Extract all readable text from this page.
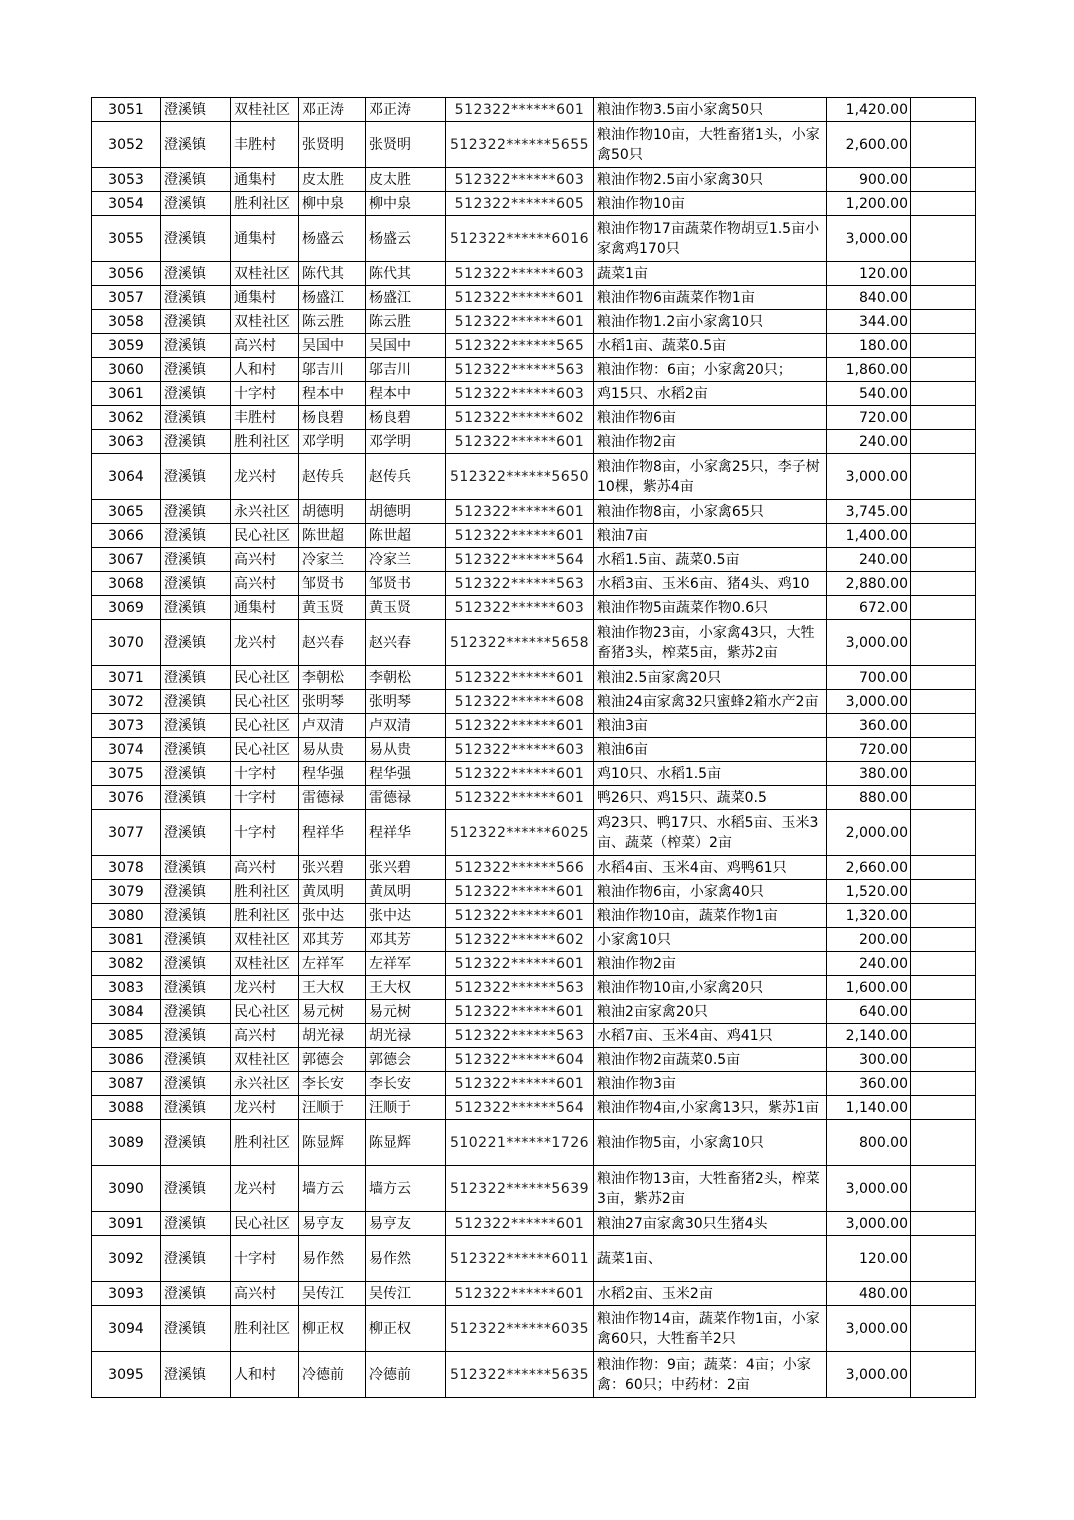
3051	澄溪镇	双桂社区	邓正涛	邓正涛	512322******601	粮油作物3.5亩小家禽50只	1,420.00	
3052	澄溪镇	丰胜村	张贤明	张贤明	512322******5655	粮油作物10亩，大牲畜猪1头，小家禽50只	2,600.00	
3053	澄溪镇	通集村	皮太胜	皮太胜	512322******603	粮油作物2.5亩小家禽30只	900.00	
3054	澄溪镇	胜利社区	柳中泉	柳中泉	512322******605	粮油作物10亩	1,200.00	
3055	澄溪镇	通集村	杨盛云	杨盛云	512322******6016	粮油作物17亩蔬菜作物胡豆1.5亩小家禽鸡170只	3,000.00	
3056	澄溪镇	双桂社区	陈代其	陈代其	512322******603	蔬菜1亩	120.00	
3057	澄溪镇	通集村	杨盛江	杨盛江	512322******601	粮油作物6亩蔬菜作物1亩	840.00	
3058	澄溪镇	双桂社区	陈云胜	陈云胜	512322******601	粮油作物1.2亩小家禽10只	344.00	
3059	澄溪镇	高兴村	吴国中	吴国中	512322******565	水稻1亩、蔬菜0.5亩	180.00	
3060	澄溪镇	人和村	邬吉川	邬吉川	512322******563	粮油作物：6亩；小家禽20只；	1,860.00	
3061	澄溪镇	十字村	程本中	程本中	512322******603	鸡15只、水稻2亩	540.00	
3062	澄溪镇	丰胜村	杨良碧	杨良碧	512322******602	粮油作物6亩	720.00	
3063	澄溪镇	胜利社区	邓学明	邓学明	512322******601	粮油作物2亩	240.00	
3064	澄溪镇	龙兴村	赵传兵	赵传兵	512322******5650	粮油作物8亩，小家禽25只，李子树10棵，紫苏4亩	3,000.00	
3065	澄溪镇	永兴社区	胡德明	胡德明	512322******601	粮油作物8亩，小家禽65只	3,745.00	
3066	澄溪镇	民心社区	陈世超	陈世超	512322******601	粮油7亩	1,400.00	
3067	澄溪镇	高兴村	冷家兰	冷家兰	512322******564	水稻1.5亩、蔬菜0.5亩	240.00	
3068	澄溪镇	高兴村	邹贤书	邹贤书	512322******563	水稻3亩、玉米6亩、猪4头、鸡10	2,880.00	
3069	澄溪镇	通集村	黄玉贤	黄玉贤	512322******603	粮油作物5亩蔬菜作物0.6只	672.00	
3070	澄溪镇	龙兴村	赵兴春	赵兴春	512322******5658	粮油作物23亩，小家禽43只，大牲畜猪3头，榨菜5亩，紫苏2亩	3,000.00	
3071	澄溪镇	民心社区	李朝松	李朝松	512322******601	粮油2.5亩家禽20只	700.00	
3072	澄溪镇	民心社区	张明琴	张明琴	512322******608	粮油24亩家禽32只蜜蜂2箱水产2亩	3,000.00	
3073	澄溪镇	民心社区	卢双清	卢双清	512322******601	粮油3亩	360.00	
3074	澄溪镇	民心社区	易从贵	易从贵	512322******603	粮油6亩	720.00	
3075	澄溪镇	十字村	程华强	程华强	512322******601	鸡10只、水稻1.5亩	380.00	
3076	澄溪镇	十字村	雷德禄	雷德禄	512322******601	鸭26只、鸡15只、蔬菜0.5	880.00	
3077	澄溪镇	十字村	程祥华	程祥华	512322******6025	鸡23只、鸭17只、水稻5亩、玉米3亩、蔬菜（榨菜）2亩	2,000.00	
3078	澄溪镇	高兴村	张兴碧	张兴碧	512322******566	水稻4亩、玉米4亩、鸡鸭61只	2,660.00	
3079	澄溪镇	胜利社区	黄凤明	黄凤明	512322******601	粮油作物6亩，小家禽40只	1,520.00	
3080	澄溪镇	胜利社区	张中达	张中达	512322******601	粮油作物10亩，蔬菜作物1亩	1,320.00	
3081	澄溪镇	双桂社区	邓其芳	邓其芳	512322******602	小家禽10只	200.00	
3082	澄溪镇	双桂社区	左祥军	左祥军	512322******601	粮油作物2亩	240.00	
3083	澄溪镇	龙兴村	王大权	王大权	512322******563	粮油作物10亩,小家禽20只	1,600.00	
3084	澄溪镇	民心社区	易元树	易元树	512322******601	粮油2亩家禽20只	640.00	
3085	澄溪镇	高兴村	胡光禄	胡光禄	512322******563	水稻7亩、玉米4亩、鸡41只	2,140.00	
3086	澄溪镇	双桂社区	郭德会	郭德会	512322******604	粮油作物2亩蔬菜0.5亩	300.00	
3087	澄溪镇	永兴社区	李长安	李长安	512322******601	粮油作物3亩	360.00	
3088	澄溪镇	龙兴村	汪顺于	汪顺于	512322******564	粮油作物4亩,小家禽13只，紫苏1亩	1,140.00	
3089	澄溪镇	胜利社区	陈显辉	陈显辉	510221******1726	粮油作物5亩，小家禽10只	800.00	
3090	澄溪镇	龙兴村	墙方云	墙方云	512322******5639	粮油作物13亩，大牲畜猪2头，榨菜3亩，紫苏2亩	3,000.00	
3091	澄溪镇	民心社区	易亨友	易亨友	512322******601	粮油27亩家禽30只生猪4头	3,000.00	
3092	澄溪镇	十字村	易作然	易作然	512322******6011	蔬菜1亩、	120.00	
3093	澄溪镇	高兴村	吴传江	吴传江	512322******601	水稻2亩、玉米2亩	480.00	
3094	澄溪镇	胜利社区	柳正权	柳正权	512322******6035	粮油作物14亩，蔬菜作物1亩，小家禽60只，大牲畜羊2只	3,000.00	
3095	澄溪镇	人和村	冷德前	冷德前	512322******5635	粮油作物：9亩；蔬菜：4亩；小家禽：60只；中药材：2亩	3,000.00	
